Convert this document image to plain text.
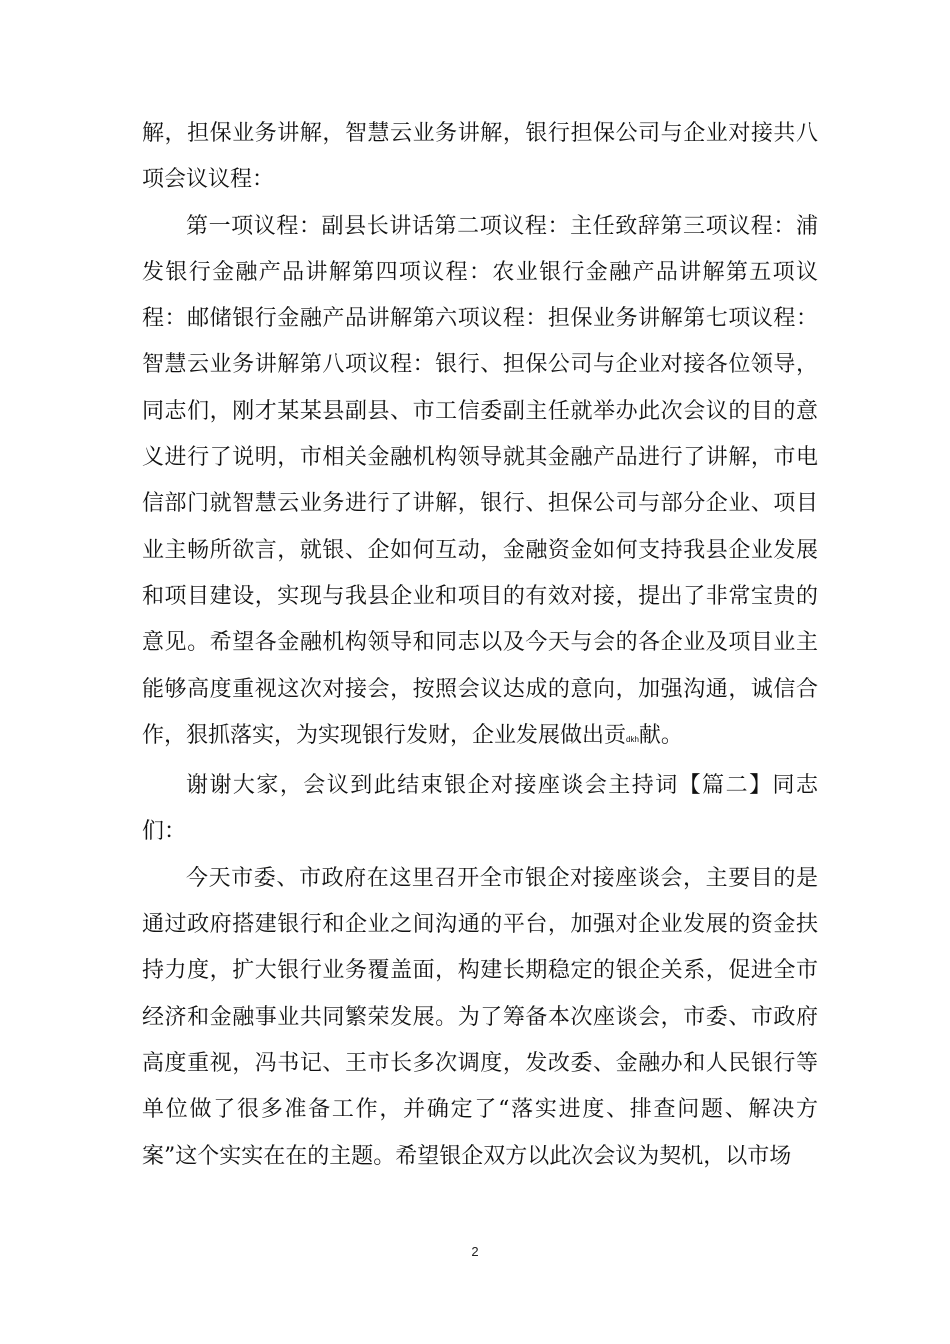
解，担保业务讲解，智慧云业务讲解，银行担保公司与企业对接共八项会议议程：

第一项议程：副县长讲话第二项议程：主任致辞第三项议程：浦发银行金融产品讲解第四项议程：农业银行金融产品讲解第五项议程：邮储银行金融产品讲解第六项议程：担保业务讲解第七项议程：智慧云业务讲解第八项议程：银行、担保公司与企业对接各位领导，同志们，刚才某某县副县、市工信委副主任就举办此次会议的目的意义进行了说明，市相关金融机构领导就其金融产品进行了讲解，市电信部门就智慧云业务进行了讲解，银行、担保公司与部分企业、项目业主畅所欲言，就银、企如何互动，金融资金如何支持我县企业发展和项目建设，实现与我县企业和项目的有效对接，提出了非常宝贵的意见。希望各金融机构领导和同志以及今天与会的各企业及项目业主能够高度重视这次对接会，按照会议达成的意向，加强沟通，诚信合作，狠抓落实，为实现银行发财，企业发展做出贡dkh献。

谢谢大家，会议到此结束银企对接座谈会主持词【篇二】同志们：

今天市委、市政府在这里召开全市银企对接座谈会，主要目的是通过政府搭建银行和企业之间沟通的平台，加强对企业发展的资金扶持力度，扩大银行业务覆盖面，构建长期稳定的银企关系，促进全市经济和金融事业共同繁荣发展。为了筹备本次座谈会，市委、市政府高度重视，冯书记、王市长多次调度，发改委、金融办和人民银行等单位做了很多准备工作，并确定了“落实进度、排查问题、解决方案”这个实实在在的主题。希望银企双方以此次会议为契机，以市场

2
